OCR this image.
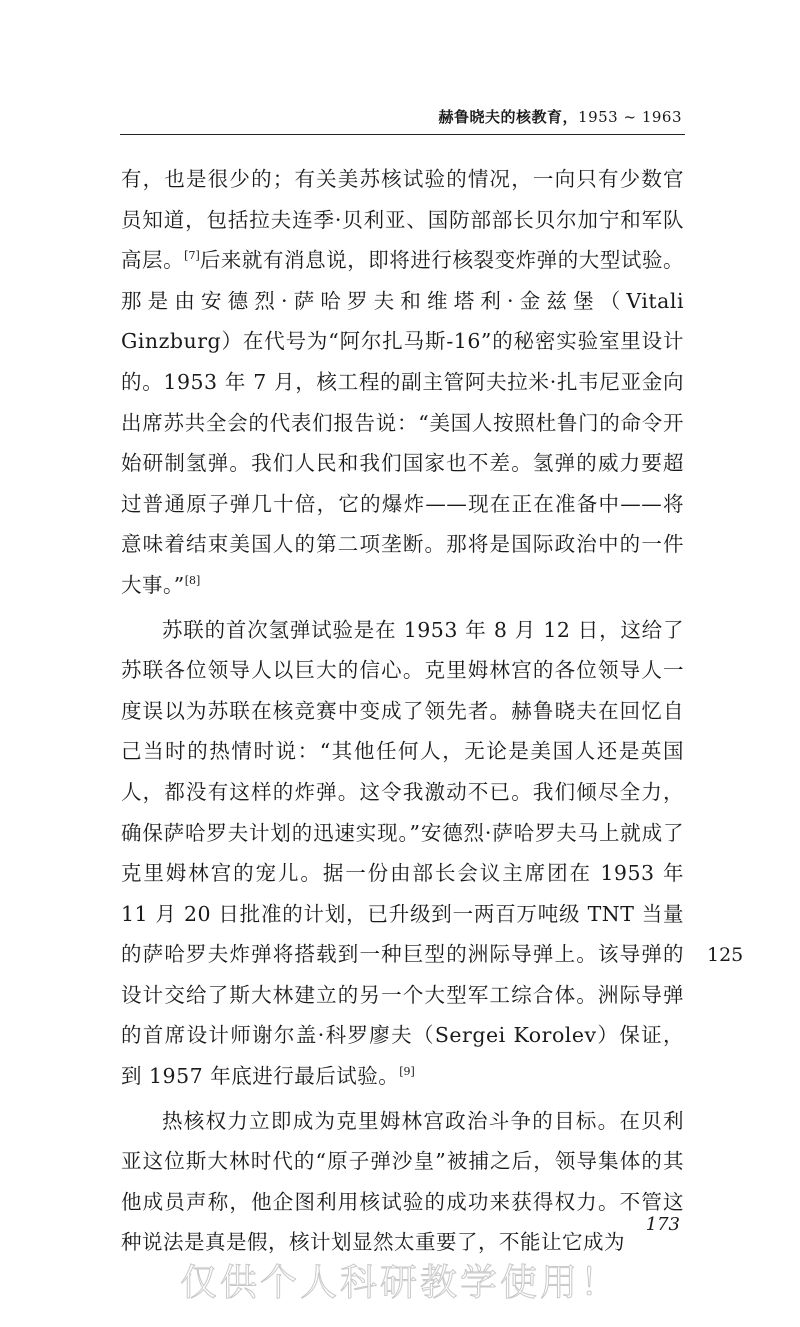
赫鲁晓夫的核教育，1953 ~ 1963

有，也是很少的；有关美苏核试验的情况，一向只有少数官员知道，包括拉夫连季·贝利亚、国防部部长贝尔加宁和军队高层。[7]后来就有消息说，即将进行核裂变炸弹的大型试验。那是由安德烈·萨哈罗夫和维塔利·金兹堡（Vitali Ginzburg）在代号为“阿尔扎马斯-16”的秘密实验室里设计的。1953 年 7 月，核工程的副主管阿夫拉米·扎韦尼亚金向出席苏共全会的代表们报告说：“美国人按照杜鲁门的命令开始研制氢弹。我们人民和我们国家也不差。氢弹的威力要超过普通原子弹几十倍，它的爆炸——现在正在准备中——将意味着结束美国人的第二项垄断。那将是国际政治中的一件大事。”[8]

苏联的首次氢弹试验是在 1953 年 8 月 12 日，这给了苏联各位领导人以巨大的信心。克里姆林宫的各位领导人一度误以为苏联在核竞赛中变成了领先者。赫鲁晓夫在回忆自己当时的热情时说：“其他任何人，无论是美国人还是英国人，都没有这样的炸弹。这令我激动不已。我们倾尽全力，确保萨哈罗夫计划的迅速实现。”安德烈·萨哈罗夫马上就成了克里姆林宫的宠儿。据一份由部长会议主席团在 1953 年 11 月 20 日批准的计划，已升级到一两百万吨级 TNT 当量的萨哈罗夫炸弹将搭载到一种巨型的洲际导弹上。该导弹的设计交给了斯大林建立的另一个大型军工综合体。洲际导弹的首席设计师谢尔盖·科罗廖夫（Sergei Korolev）保证，到 1957 年底进行最后试验。[9]

热核权力立即成为克里姆林宫政治斗争的目标。在贝利亚这位斯大林时代的“原子弹沙皇”被捕之后，领导集体的其他成员声称，他企图利用核试验的成功来获得权力。不管这种说法是真是假，核计划显然太重要了，不能让它成为

125
173
仅供个人科研教学使用！
